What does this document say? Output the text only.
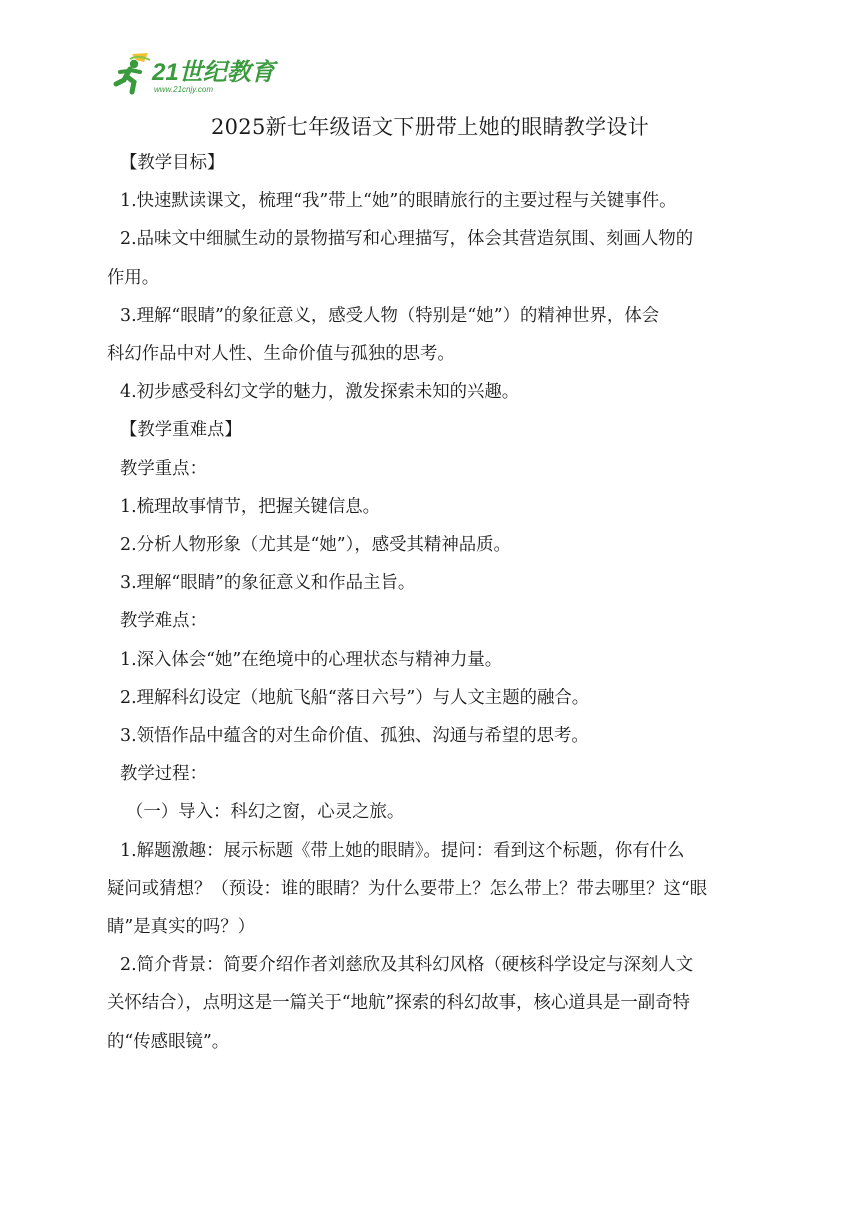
21世纪教育
www.21cnjy.com
2025新七年级语文下册带上她的眼睛教学设计

【教学目标】

1.快速默读课文，梳理“我”带上“她”的眼睛旅行的主要过程与关键事件。

2.品味文中细腻生动的景物描写和心理描写，体会其营造氛围、刻画人物的

作用。

3.理解“眼睛”的象征意义，感受人物（特别是“她”）的精神世界，体会

科幻作品中对人性、生命价值与孤独的思考。

4.初步感受科幻文学的魅力，激发探索未知的兴趣。

【教学重难点】

教学重点：

1.梳理故事情节，把握关键信息。

2.分析人物形象（尤其是“她”），感受其精神品质。

3.理解“眼睛”的象征意义和作品主旨。

教学难点：

1.深入体会“她”在绝境中的心理状态与精神力量。

2.理解科幻设定（地航飞船“落日六号”）与人文主题的融合。

3.领悟作品中蕴含的对生命价值、孤独、沟通与希望的思考。

教学过程：

（一）导入：科幻之窗，心灵之旅。

1.解题激趣：展示标题《带上她的眼睛》。提问：看到这个标题，你有什么

疑问或猜想？（预设：谁的眼睛？为什么要带上？怎么带上？带去哪里？这“眼

睛”是真实的吗？）

2.简介背景：简要介绍作者刘慈欣及其科幻风格（硬核科学设定与深刻人文

关怀结合），点明这是一篇关于“地航”探索的科幻故事，核心道具是一副奇特

的“传感眼镜”。
